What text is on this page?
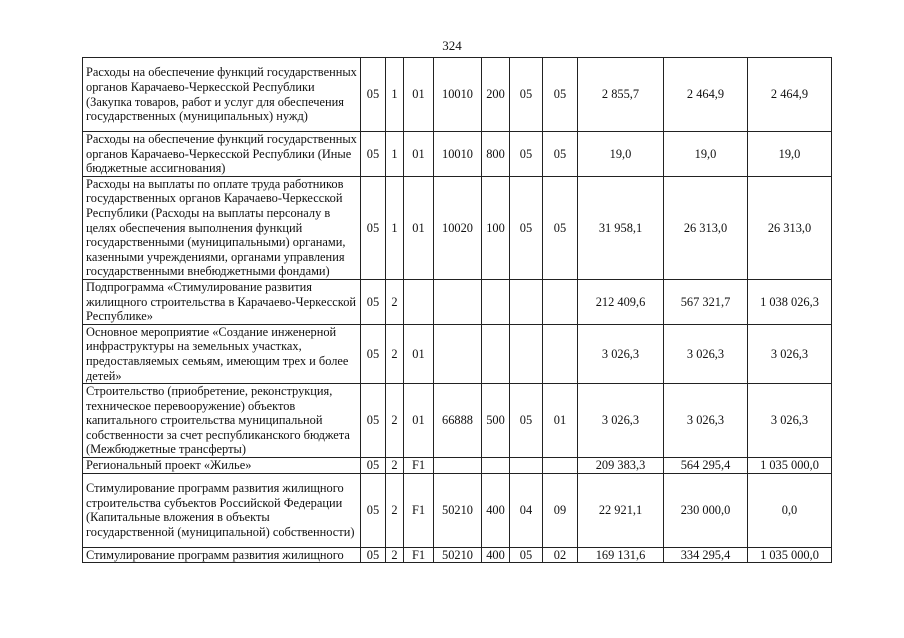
324
Расходы на обеспечение функций государственных органов Карачаево-Черкесской Республики (Закупка товаров, работ и услуг для обеспечения государственных (муниципальных) нужд)	05	1	01	10010	200	05	05	2 855,7	2 464,9	2 464,9
Расходы на обеспечение функций государственных органов Карачаево-Черкесской Республики (Иные бюджетные ассигнования)	05	1	01	10010	800	05	05	19,0	19,0	19,0
Расходы на выплаты по оплате труда работников государственных органов Карачаево-Черкесской Республики (Расходы на выплаты персоналу в целях обеспечения выполнения функций государственными (муниципальными) органами, казенными учреждениями, органами управления государственными внебюджетными фондами)	05	1	01	10020	100	05	05	31 958,1	26 313,0	26 313,0
Подпрограмма «Стимулирование развития жилищного строительства в Карачаево-Черкесской Республике»	05	2						212 409,6	567 321,7	1 038 026,3
Основное мероприятие «Создание инженерной инфраструктуры на земельных участках, предоставляемых семьям, имеющим трех и более детей»	05	2	01					3 026,3	3 026,3	3 026,3
Строительство (приобретение, реконструкция, техническое перевооружение) объектов капитального строительства муниципальной собственности за счет республиканского бюджета (Межбюджетные трансферты)	05	2	01	66888	500	05	01	3 026,3	3 026,3	3 026,3
Региональный проект «Жилье»	05	2	F1					209 383,3	564 295,4	1 035 000,0
Стимулирование программ развития жилищного строительства субъектов Российской Федерации (Капитальные вложения в объекты государственной (муниципальной) собственности)	05	2	F1	50210	400	04	09	22 921,1	230 000,0	0,0
Стимулирование программ развития жилищного	05	2	F1	50210	400	05	02	169 131,6	334 295,4	1 035 000,0
